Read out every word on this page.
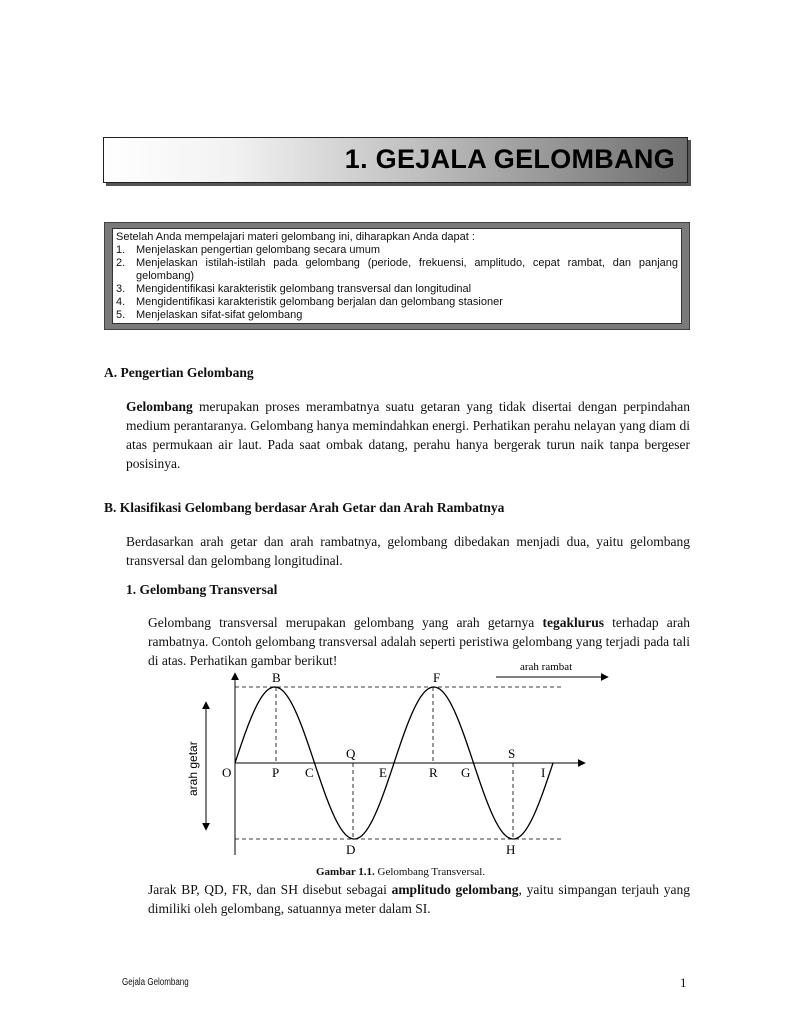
1. GEJALA GELOMBANG
Setelah Anda mempelajari materi gelombang ini, diharapkan Anda dapat :
1. Menjelaskan pengertian gelombang secara umum
2. Menjelaskan istilah-istilah pada gelombang (periode, frekuensi, amplitudo, cepat rambat, dan panjang gelombang)
3. Mengidentifikasi karakteristik gelombang transversal dan longitudinal
4. Mengidentifikasi karakteristik gelombang berjalan dan gelombang stasioner
5. Menjelaskan sifat-sifat gelombang
A. Pengertian Gelombang
Gelombang merupakan proses merambatnya suatu getaran yang tidak disertai dengan perpindahan medium perantaranya. Gelombang hanya memindahkan energi. Perhatikan perahu nelayan yang diam di atas permukaan air laut. Pada saat ombak datang, perahu hanya bergerak turun naik tanpa bergeser posisinya.
B. Klasifikasi Gelombang berdasar Arah Getar dan Arah Rambatnya
Berdasarkan arah getar dan arah rambatnya, gelombang dibedakan menjadi dua, yaitu gelombang transversal dan gelombang longitudinal.
1. Gelombang Transversal
Gelombang transversal merupakan gelombang yang arah getarnya tegaklurus terhadap arah rambatnya. Contoh gelombang transversal adalah seperti peristiwa gelombang yang terjadi pada tali di atas. Perhatikan gambar berikut!	arah rambat
arah getar O	P C	E	R G	I
B	F
Q	S
D	H
Gambar 1.1. Gelombang Transversal.
Jarak BP, QD, FR, dan SH disebut sebagai amplitudo gelombang, yaitu simpangan terjauh yang dimiliki oleh gelombang, satuannya meter dalam SI.
Gejala Gelombang	1
